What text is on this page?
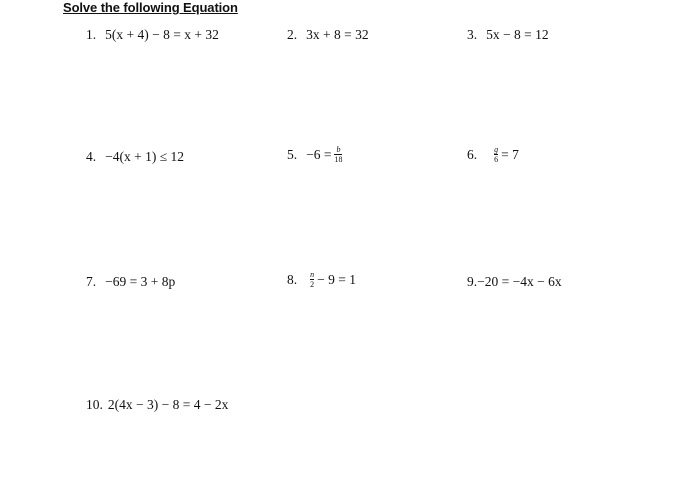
Solve the following Equation
1. 5(x + 4) − 8 = x + 32	2. 3x + 8 = 32	3. 5x − 8 = 12
4. −4(x + 1) ≤ 12	5. $-6 = \frac{b}{18}$	6. $\frac{g}{6} = 7$
7. −69 = 3 + 8p	8. $\frac{n}{2} - 9 = 1$	9. −20 = −4x − 6x
10. 2(4x − 3) − 8 = 4 − 2x
